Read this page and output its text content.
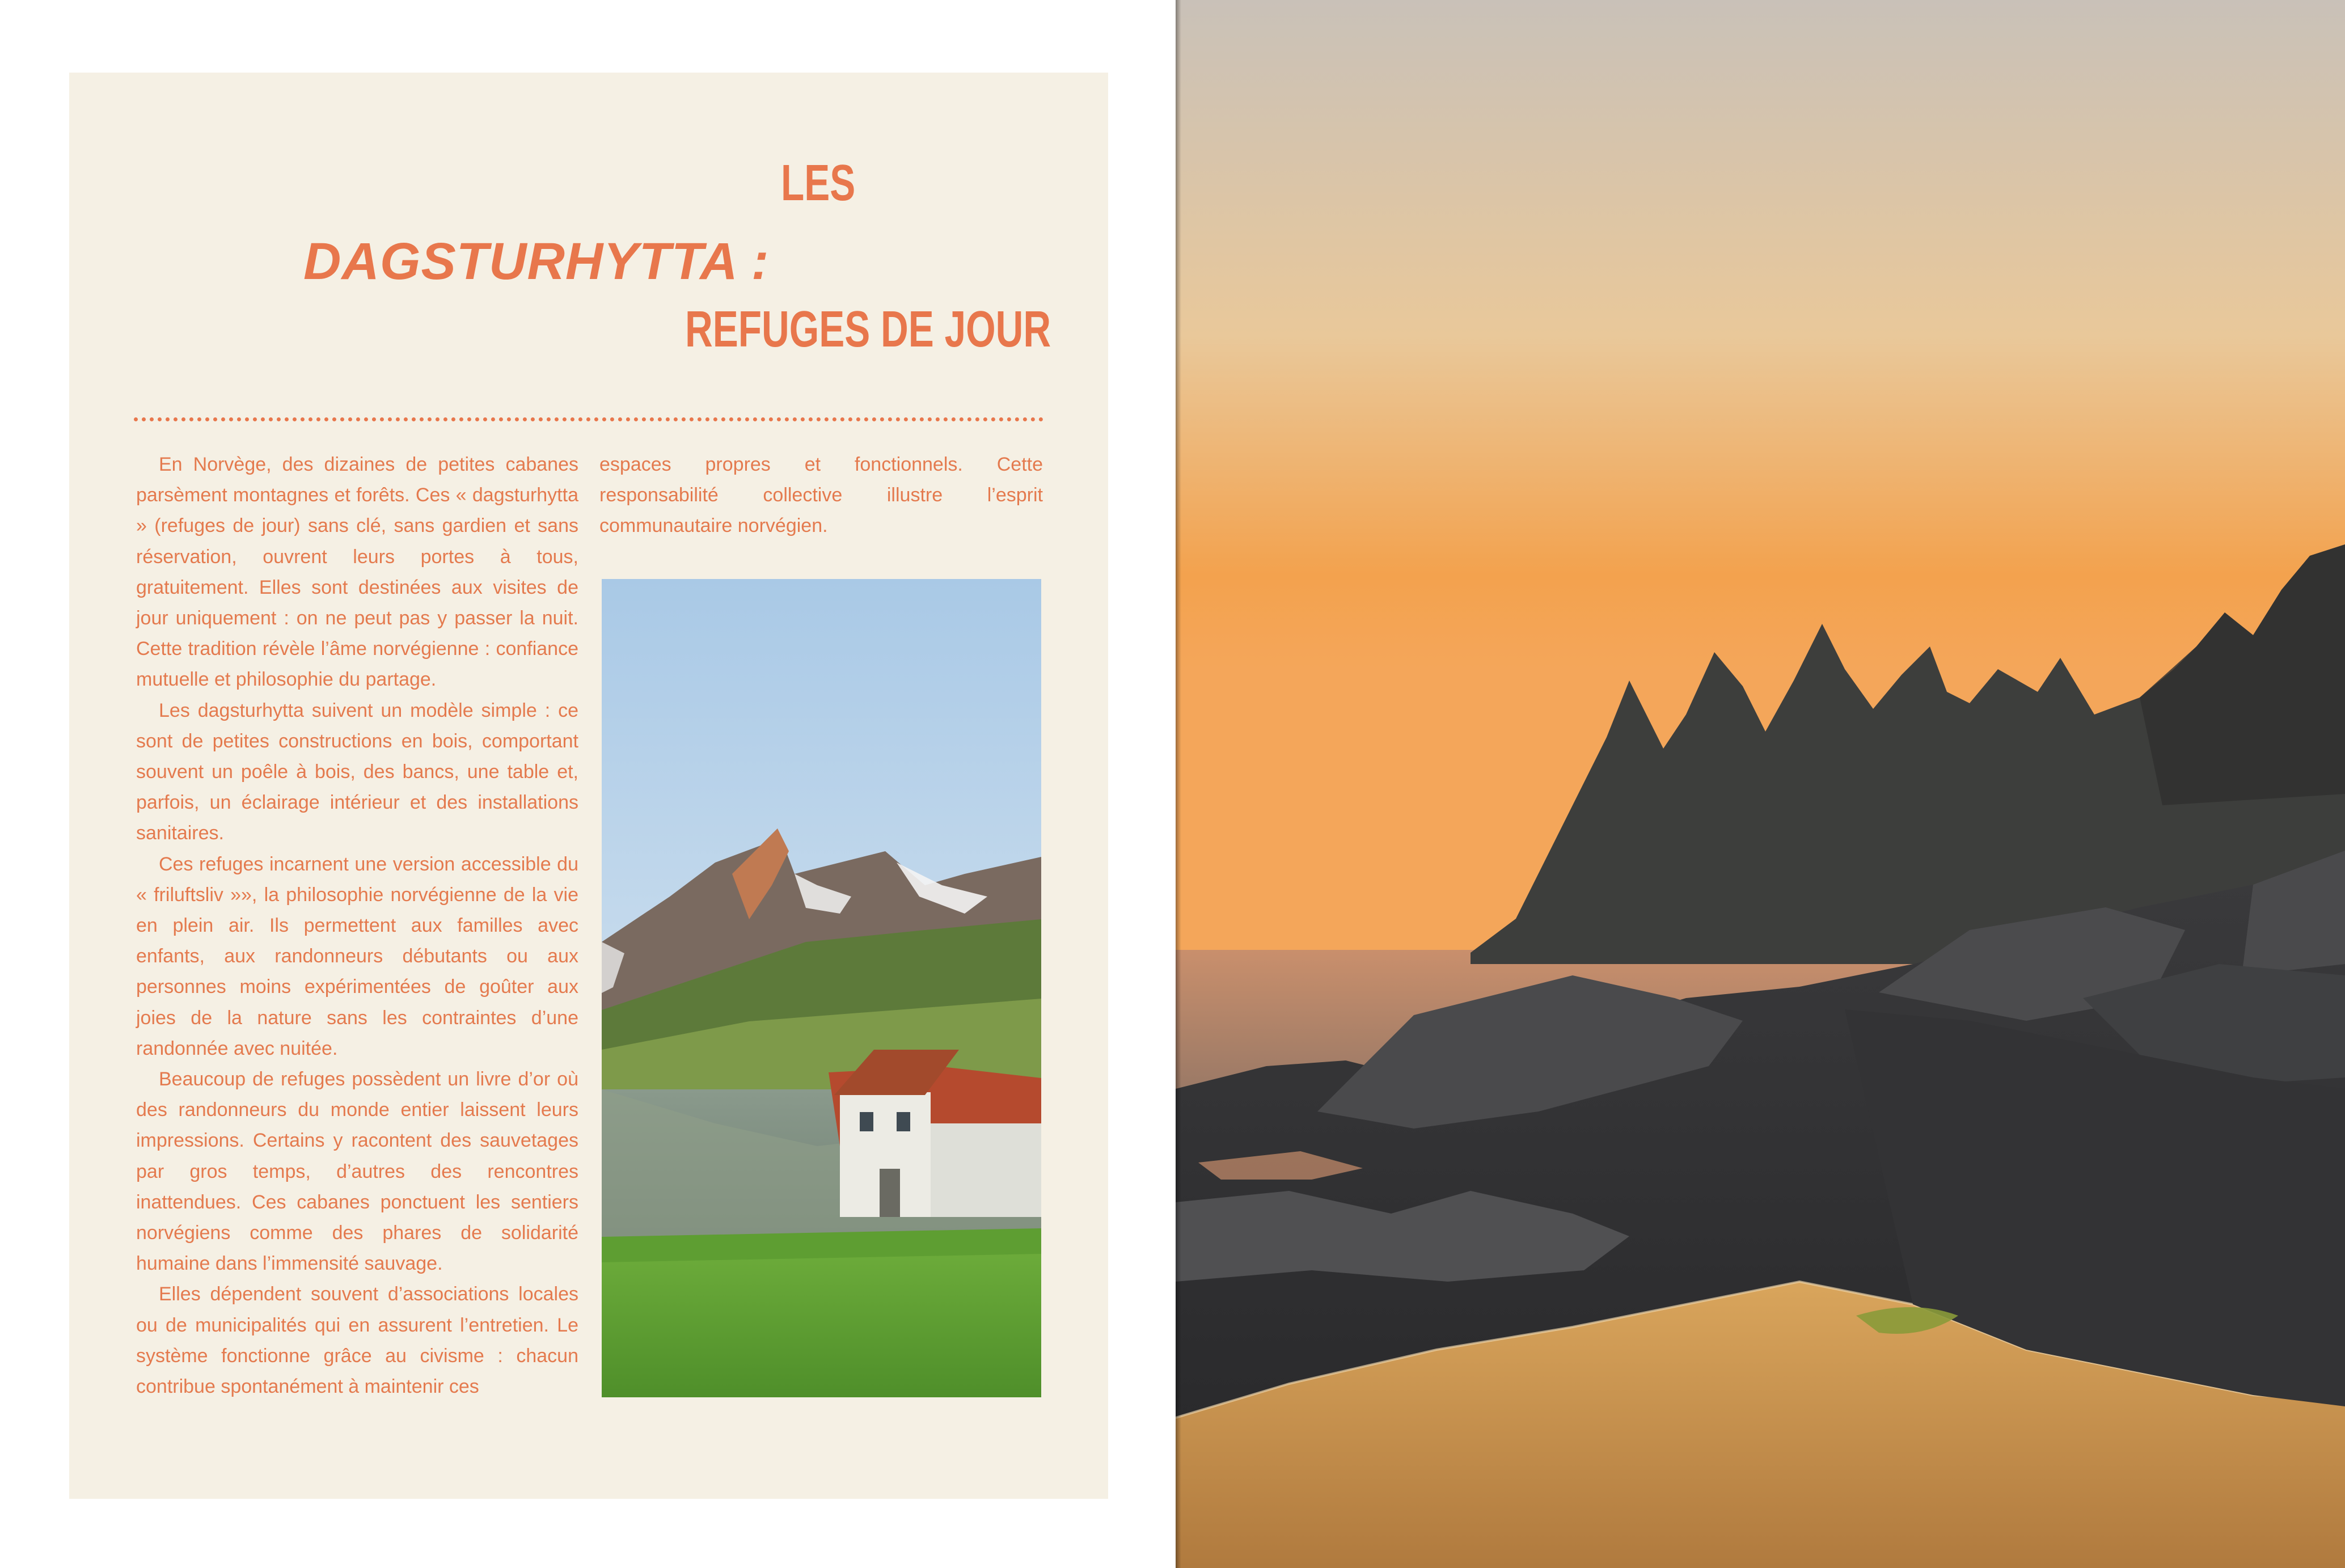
LES
DAGSTURHYTTA :
REFUGES DE JOUR

En Norvège, des dizaines de petites cabanes parsèment montagnes et forêts. Ces « dagsturhytta » (refuges de jour) sans clé, sans gardien et sans réservation, ouvrent leurs portes à tous, gratuitement. Elles sont destinées aux visites de jour uniquement : on ne peut pas y passer la nuit. Cette tradition révèle l’âme norvégienne : confiance mutuelle et philosophie du partage.

Les dagsturhytta suivent un modèle simple : ce sont de petites constructions en bois, comportant souvent un poêle à bois, des bancs, une table et, parfois, un éclairage intérieur et des installations sanitaires.

Ces refuges incarnent une version accessible du « friluftsliv »», la philosophie norvégienne de la vie en plein air. Ils permettent aux familles avec enfants, aux randonneurs débutants ou aux personnes moins expérimentées de goûter aux joies de la nature sans les contraintes d’une randonnée avec nuitée.

Beaucoup de refuges possèdent un livre d’or où des randonneurs du monde entier laissent leurs impressions. Certains y racontent des sauvetages par gros temps, d’autres des rencontres inattendues. Ces cabanes ponctuent les sentiers norvégiens comme des phares de solidarité humaine dans l’immensité sauvage.

Elles dépendent souvent d’associations locales ou de municipalités qui en assurent l’entretien. Le système fonctionne grâce au civisme : chacun contribue spontanément à maintenir ces

espaces propres et fonctionnels. Cette responsabilité collective illustre l’esprit communautaire norvégien.
